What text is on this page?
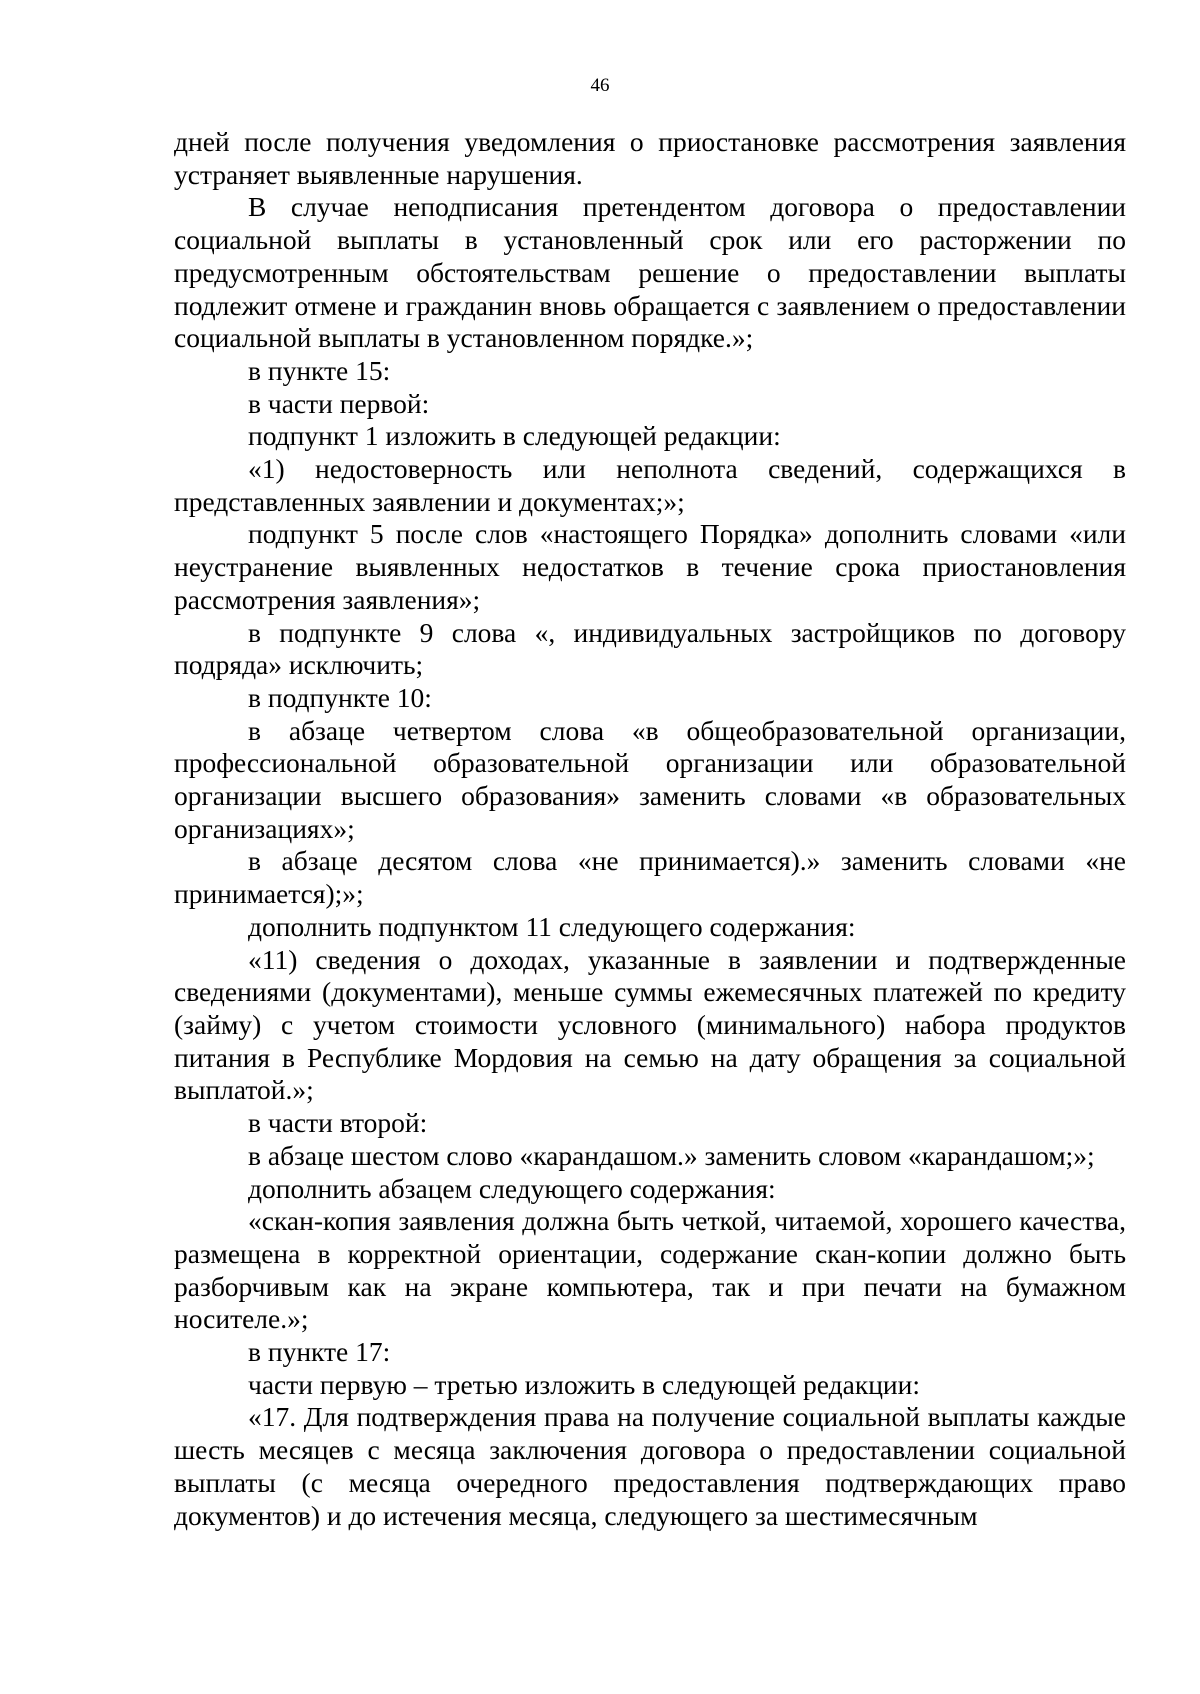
46

дней после получения уведомления о приостановке рассмотрения заявления устраняет выявленные нарушения.

В случае неподписания претендентом договора о предоставлении социальной выплаты в установленный срок или его расторжении по предусмотренным обстоятельствам решение о предоставлении выплаты подлежит отмене и гражданин вновь обращается с заявлением о предоставлении социальной выплаты в установленном порядке.»;

в пункте 15:

в части первой:

подпункт 1 изложить в следующей редакции:

«1) недостоверность или неполнота сведений, содержащихся в представленных заявлении и документах;»;

подпункт 5 после слов «настоящего Порядка» дополнить словами «или неустранение выявленных недостатков в течение срока приостановления рассмотрения заявления»;

в подпункте 9 слова «, индивидуальных застройщиков по договору подряда» исключить;

в подпункте 10:

в абзаце четвертом слова «в общеобразовательной организации, профессиональной образовательной организации или образовательной организации высшего образования» заменить словами «в образовательных организациях»;

в абзаце десятом слова «не принимается).» заменить словами «не принимается);»;

дополнить подпунктом 11 следующего содержания:

«11) сведения о доходах, указанные в заявлении и подтвержденные сведениями (документами), меньше суммы ежемесячных платежей по кредиту (займу) с учетом стоимости условного (минимального) набора продуктов питания в Республике Мордовия на семью на дату обращения за социальной выплатой.»;

в части второй:

в абзаце шестом слово «карандашом.» заменить словом «карандашом;»;

дополнить абзацем следующего содержания:

«скан-копия заявления должна быть четкой, читаемой, хорошего качества, размещена в корректной ориентации, содержание скан-копии должно быть разборчивым как на экране компьютера, так и при печати на бумажном носителе.»;

в пункте 17:

части первую – третью изложить в следующей редакции:

«17. Для подтверждения права на получение социальной выплаты каждые шесть месяцев с месяца заключения договора о предоставлении социальной выплаты (с месяца очередного предоставления подтверждающих право документов) и до истечения месяца, следующего за шестимесячным
